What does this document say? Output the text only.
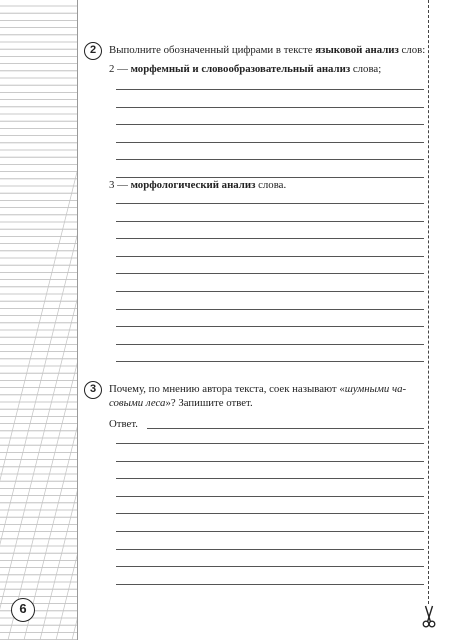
2	Выполните обозначенный цифрами в тексте языковой анализ слов:
2 — морфемный и словообразовательный анализ слова;
3 — морфологический анализ слова.
3	Почему, по мнению автора текста, соек называют «шумными ча-
совыми леса»? Запишите ответ.
Ответ.
6
